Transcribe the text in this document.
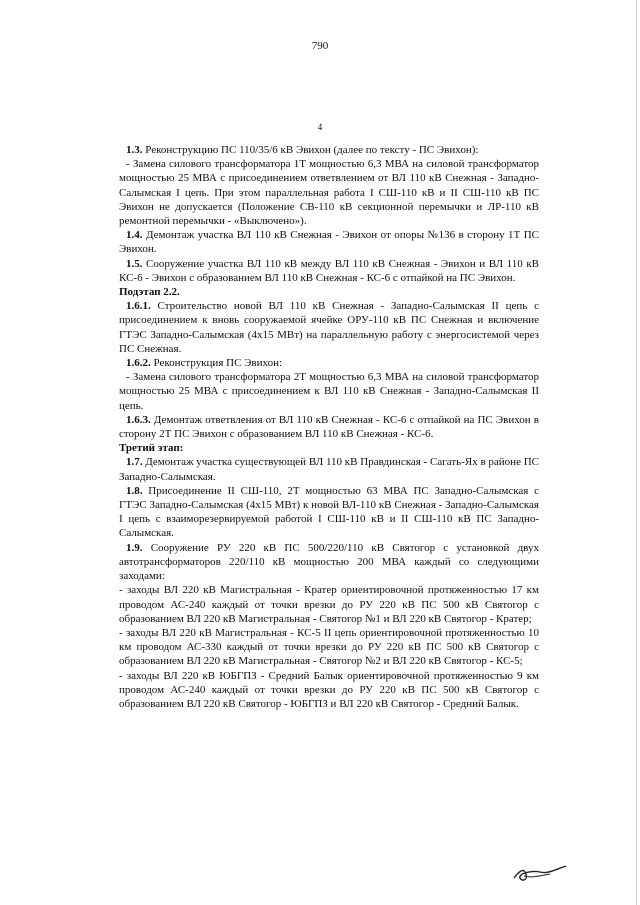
790
4

1.3. Реконструкцию ПС 110/35/6 кВ Эвихон (далее по тексту - ПС Эвихон):

- Замена силового трансформатора 1Т мощностью 6,3 МВА на силовой трансформатор мощностью 25 МВА с присоединением ответвлением от ВЛ 110 кВ Снежная - Западно-Салымская I цепь. При этом параллельная работа I СШ-110 кВ и II СШ-110 кВ ПС Эвихон не допускается (Положение СВ-110 кВ секционной перемычки и ЛР-110 кВ ремонтной перемычки - «Выключено»).

1.4. Демонтаж участка ВЛ 110 кВ Снежная - Эвихон от опоры №136 в сторону 1Т ПС Эвихон.

1.5. Сооружение участка ВЛ 110 кВ между ВЛ 110 кВ Снежная - Эвихон и ВЛ 110 кВ КС-6 - Эвихон с образованием ВЛ 110 кВ Снежная - КС-6 с отпайкой на ПС Эвихон.

Подэтап 2.2.

1.6.1. Строительство новой ВЛ 110 кВ Снежная - Западно-Салымская II цепь с присоединением к вновь сооружаемой ячейке ОРУ-110 кВ ПС Снежная и включение ГТЭС Западно-Салымская (4х15 МВт) на параллельную работу с энергосистемой через ПС Снежная.

1.6.2. Реконструкция ПС Эвихон:

- Замена силового трансформатора 2Т мощностью 6,3 МВА на силовой трансформатор мощностью 25 МВА с присоединением к ВЛ 110 кВ Снежная - Западно-Салымская II цепь.

1.6.3. Демонтаж ответвления от ВЛ 110 кВ Снежная - КС-6 с отпайкой на ПС Эвихон в сторону 2Т ПС Эвихон с образованием ВЛ 110 кВ Снежная - КС-6.

Третий этап:

1.7. Демонтаж участка существующей ВЛ 110 кВ Правдинская - Сагать-Ях в районе ПС Западно-Салымская.

1.8. Присоединение II СШ-110, 2Т мощностью 63 МВА ПС Западно-Салымская с ГТЭС Западно-Салымская (4х15 МВт) к новой ВЛ-110 кВ Снежная - Западно-Салымская I цепь с взаиморезервируемой работой I СШ-110 кВ и II СШ-110 кВ ПС Западно-Салымская.

1.9. Сооружение РУ 220 кВ ПС 500/220/110 кВ Святогор с установкой двух автотрансформаторов 220/110 кВ мощностью 200 МВА каждый со следующими заходами:

- заходы ВЛ 220 кВ Магистральная - Кратер ориентировочной протяженностью 17 км проводом АС-240 каждый от точки врезки до РУ 220 кВ ПС 500 кВ Святогор с образованием ВЛ 220 кВ Магистральная - Святогор №1 и ВЛ 220 кВ Святогор - Кратер;

- заходы ВЛ 220 кВ Магистральная - КС-5 II цепь ориентировочной протяженностью 10 км проводом АС-330 каждый от точки врезки до РУ 220 кВ ПС 500 кВ Святогор с образованием ВЛ 220 кВ Магистральная - Святогор №2 и ВЛ 220 кВ Святогор - КС-5;

- заходы ВЛ 220 кВ ЮБГПЗ - Средний Балык ориентировочной протяженностью 9 км проводом АС-240 каждый от точки врезки до РУ 220 кВ ПС 500 кВ Святогор с образованием ВЛ 220 кВ Святогор - ЮБГПЗ и ВЛ 220 кВ Святогор - Средний Балык.
